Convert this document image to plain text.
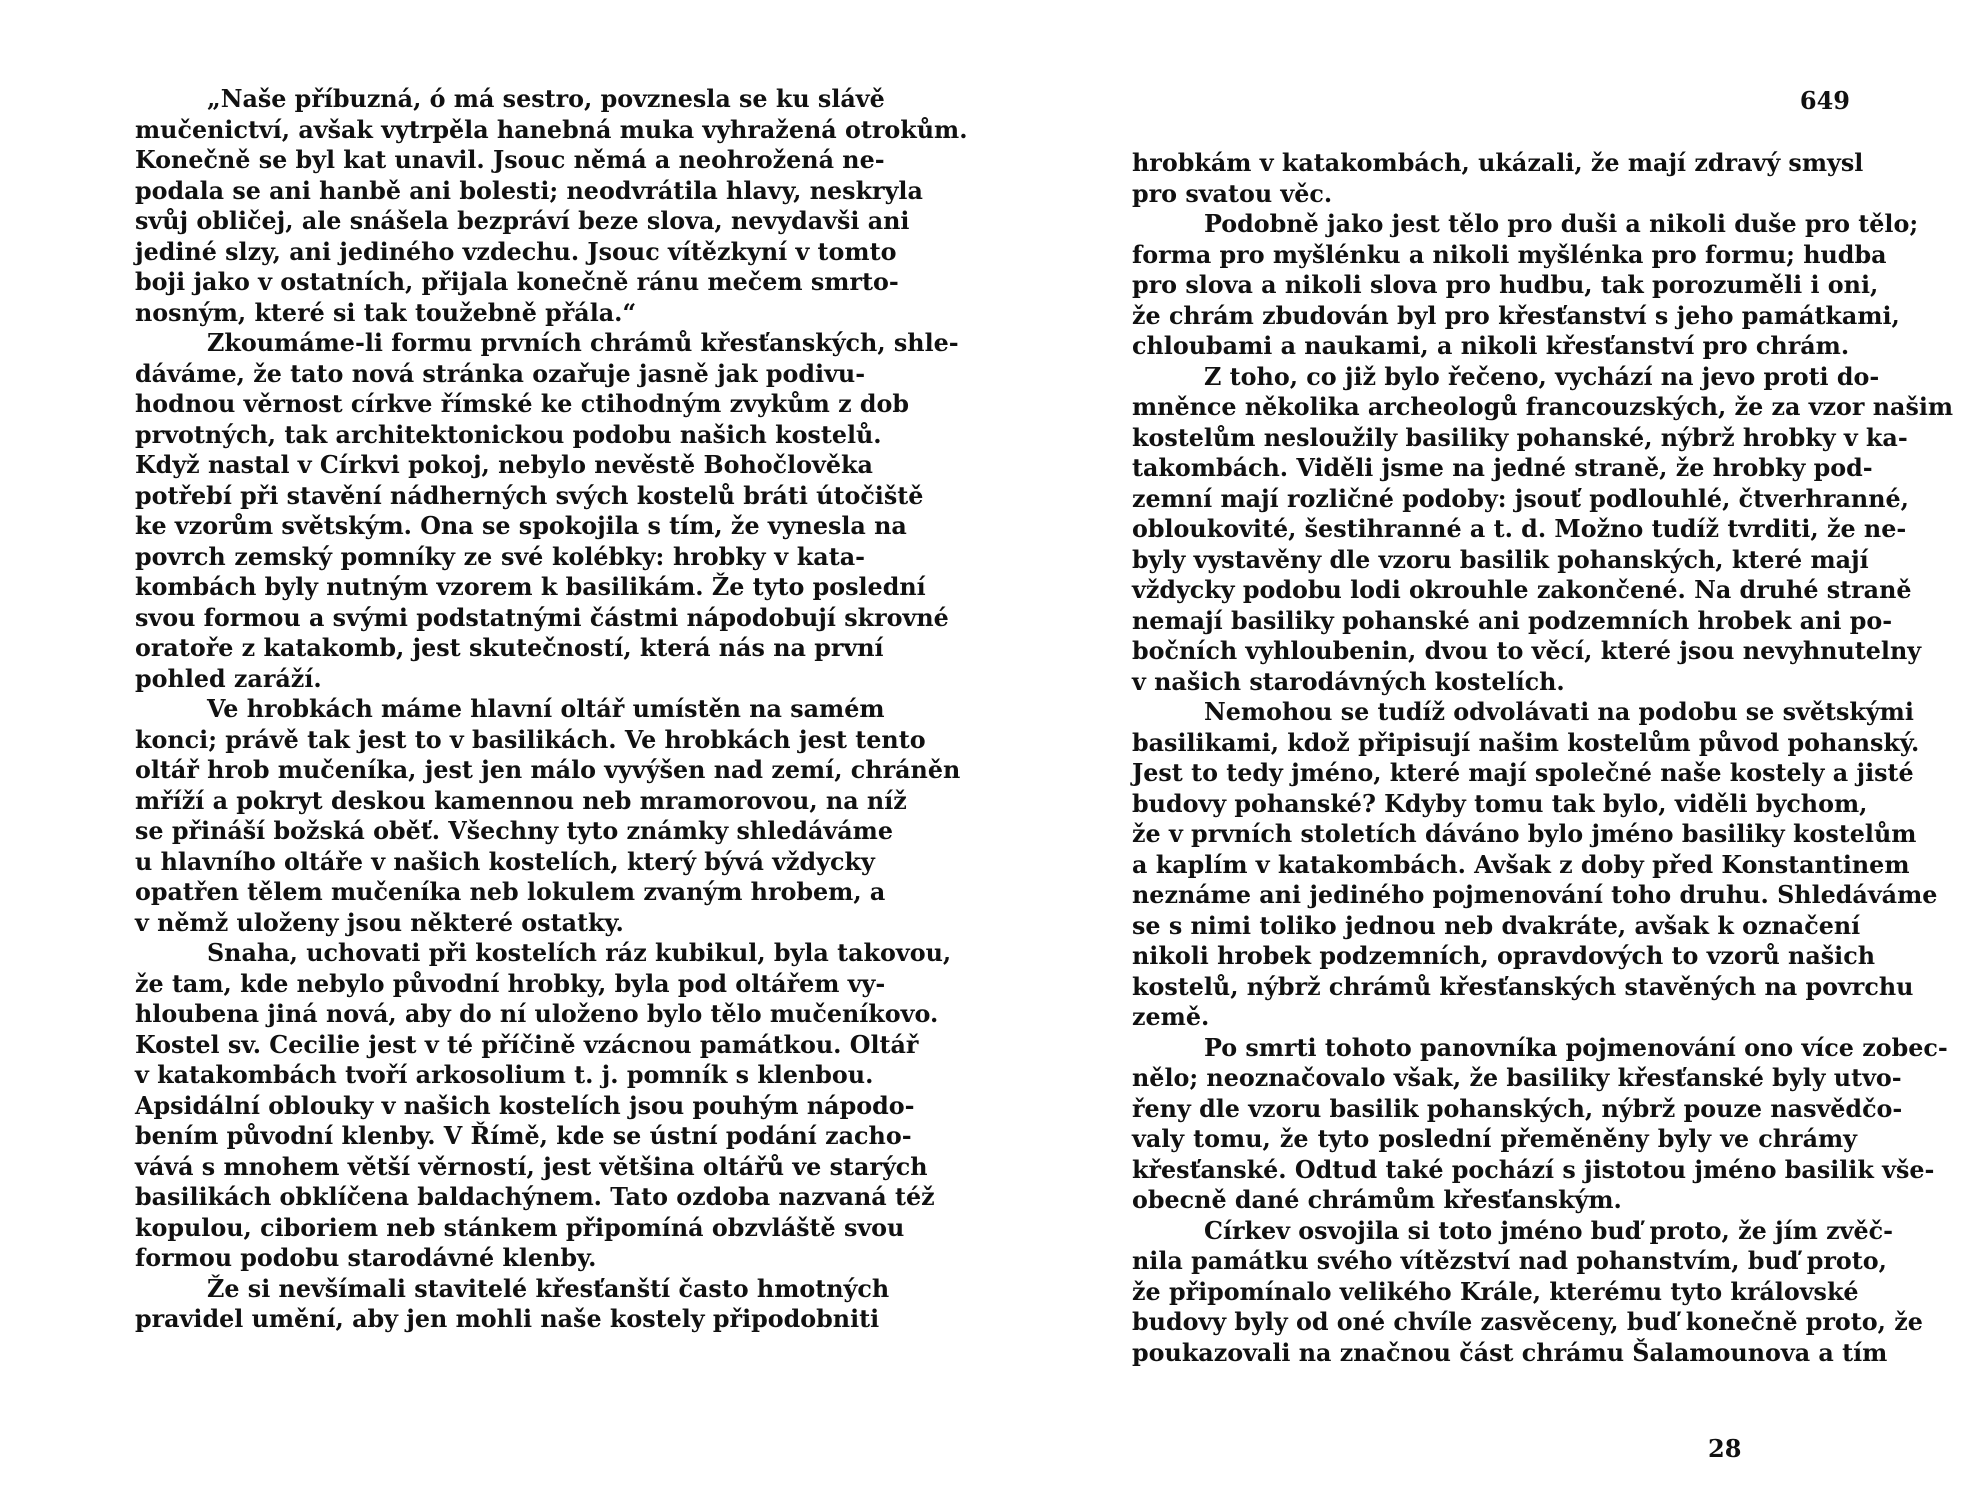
„Naše příbuzná, ó má sestro, povznesla se ku slávě
mučenictví, avšak vytrpěla hanebná muka vyhražená otrokům.
Konečně se byl kat unavil. Jsouc němá a neohrožená ne-
podala se ani hanbě ani bolesti; neodvrátila hlavy, neskryla
svůj obličej, ale snášela bezpráví beze slova, nevydavši ani
jediné slzy, ani jediného vzdechu. Jsouc vítězkyní v tomto
boji jako v ostatních, přijala konečně ránu mečem smrto-
nosným, které si tak toužebně přála.“
Zkoumáme-li formu prvních chrámů křesťanských, shle-
dáváme, že tato nová stránka ozařuje jasně jak podivu-
hodnou věrnost církve římské ke ctihodným zvykům z dob
prvotných, tak architektonickou podobu našich kostelů.
Když nastal v Církvi pokoj, nebylo nevěstě Bohočlověka
potřebí při stavění nádherných svých kostelů bráti útočiště
ke vzorům světským. Ona se spokojila s tím, že vynesla na
povrch zemský pomníky ze své kolébky: hrobky v kata-
kombách byly nutným vzorem k basilikám. Že tyto poslední
svou formou a svými podstatnými částmi nápodobují skrovné
oratoře z katakomb, jest skutečností, která nás na první
pohled zaráží.
Ve hrobkách máme hlavní oltář umístěn na samém
konci; právě tak jest to v basilikách. Ve hrobkách jest tento
oltář hrob mučeníka, jest jen málo vyvýšen nad zemí, chráněn
mříží a pokryt deskou kamennou neb mramorovou, na níž
se přináší božská oběť. Všechny tyto známky shledáváme
u hlavního oltáře v našich kostelích, který bývá vždycky
opatřen tělem mučeníka neb lokulem zvaným hrobem, a
v němž uloženy jsou některé ostatky.
Snaha, uchovati při kostelích ráz kubikul, byla takovou,
že tam, kde nebylo původní hrobky, byla pod oltářem vy-
hloubena jiná nová, aby do ní uloženo bylo tělo mučeníkovo.
Kostel sv. Cecilie jest v té příčině vzácnou památkou. Oltář
v katakombách tvoří arkosolium t. j. pomník s klenbou.
Apsidální oblouky v našich kostelích jsou pouhým nápodo-
bením původní klenby. V Římě, kde se ústní podání zacho-
vává s mnohem větší věrností, jest většina oltářů ve starých
basilikách obklíčena baldachýnem. Tato ozdoba nazvaná též
kopulou, ciboriem neb stánkem připomíná obzvláště svou
formou podobu starodávné klenby.
Že si nevšímali stavitelé křesťanští často hmotných
pravidel umění, aby jen mohli naše kostely připodobniti
649
hrobkám v katakombách, ukázali, že mají zdravý smysl
pro svatou věc.
Podobně jako jest tělo pro duši a nikoli duše pro tělo;
forma pro myšlénku a nikoli myšlénka pro formu; hudba
pro slova a nikoli slova pro hudbu, tak porozuměli i oni,
že chrám zbudován byl pro křesťanství s jeho památkami,
chloubami a naukami, a nikoli křesťanství pro chrám.
Z toho, co již bylo řečeno, vychází na jevo proti do-
mněnce několika archeologů francouzských, že za vzor našim
kostelům nesloužily basiliky pohanské, nýbrž hrobky v ka-
takombách. Viděli jsme na jedné straně, že hrobky pod-
zemní mají rozličné podoby: jsouť podlouhlé, čtverhranné,
obloukovité, šestihranné a t. d. Možno tudíž tvrditi, že ne-
byly vystavěny dle vzoru basilik pohanských, které mají
vždycky podobu lodi okrouhle zakončené. Na druhé straně
nemají basiliky pohanské ani podzemních hrobek ani po-
bočních vyhloubenin, dvou to věcí, které jsou nevyhnutelny
v našich starodávných kostelích.
Nemohou se tudíž odvolávati na podobu se světskými
basilikami, kdož připisují našim kostelům původ pohanský.
Jest to tedy jméno, které mají společné naše kostely a jisté
budovy pohanské? Kdyby tomu tak bylo, viděli bychom,
že v prvních stoletích dáváno bylo jméno basiliky kostelům
a kaplím v katakombách. Avšak z doby před Konstantinem
neznáme ani jediného pojmenování toho druhu. Shledáváme
se s nimi toliko jednou neb dvakráte, avšak k označení
nikoli hrobek podzemních, opravdových to vzorů našich
kostelů, nýbrž chrámů křesťanských stavěných na povrchu
země.
Po smrti tohoto panovníka pojmenování ono více zobec-
nělo; neoznačovalo však, že basiliky křesťanské byly utvo-
řeny dle vzoru basilik pohanských, nýbrž pouze nasvědčo-
valy tomu, že tyto poslední přeměněny byly ve chrámy
křesťanské. Odtud také pochází s jistotou jméno basilik vše-
obecně dané chrámům křesťanským.
Církev osvojila si toto jméno buď proto, že jím zvěč-
nila památku svého vítězství nad pohanstvím, buď proto,
že připomínalo velikého Krále, kterému tyto královské
budovy byly od oné chvíle zasvěceny, buď konečně proto, že
poukazovali na značnou část chrámu Šalamounova a tím
28
